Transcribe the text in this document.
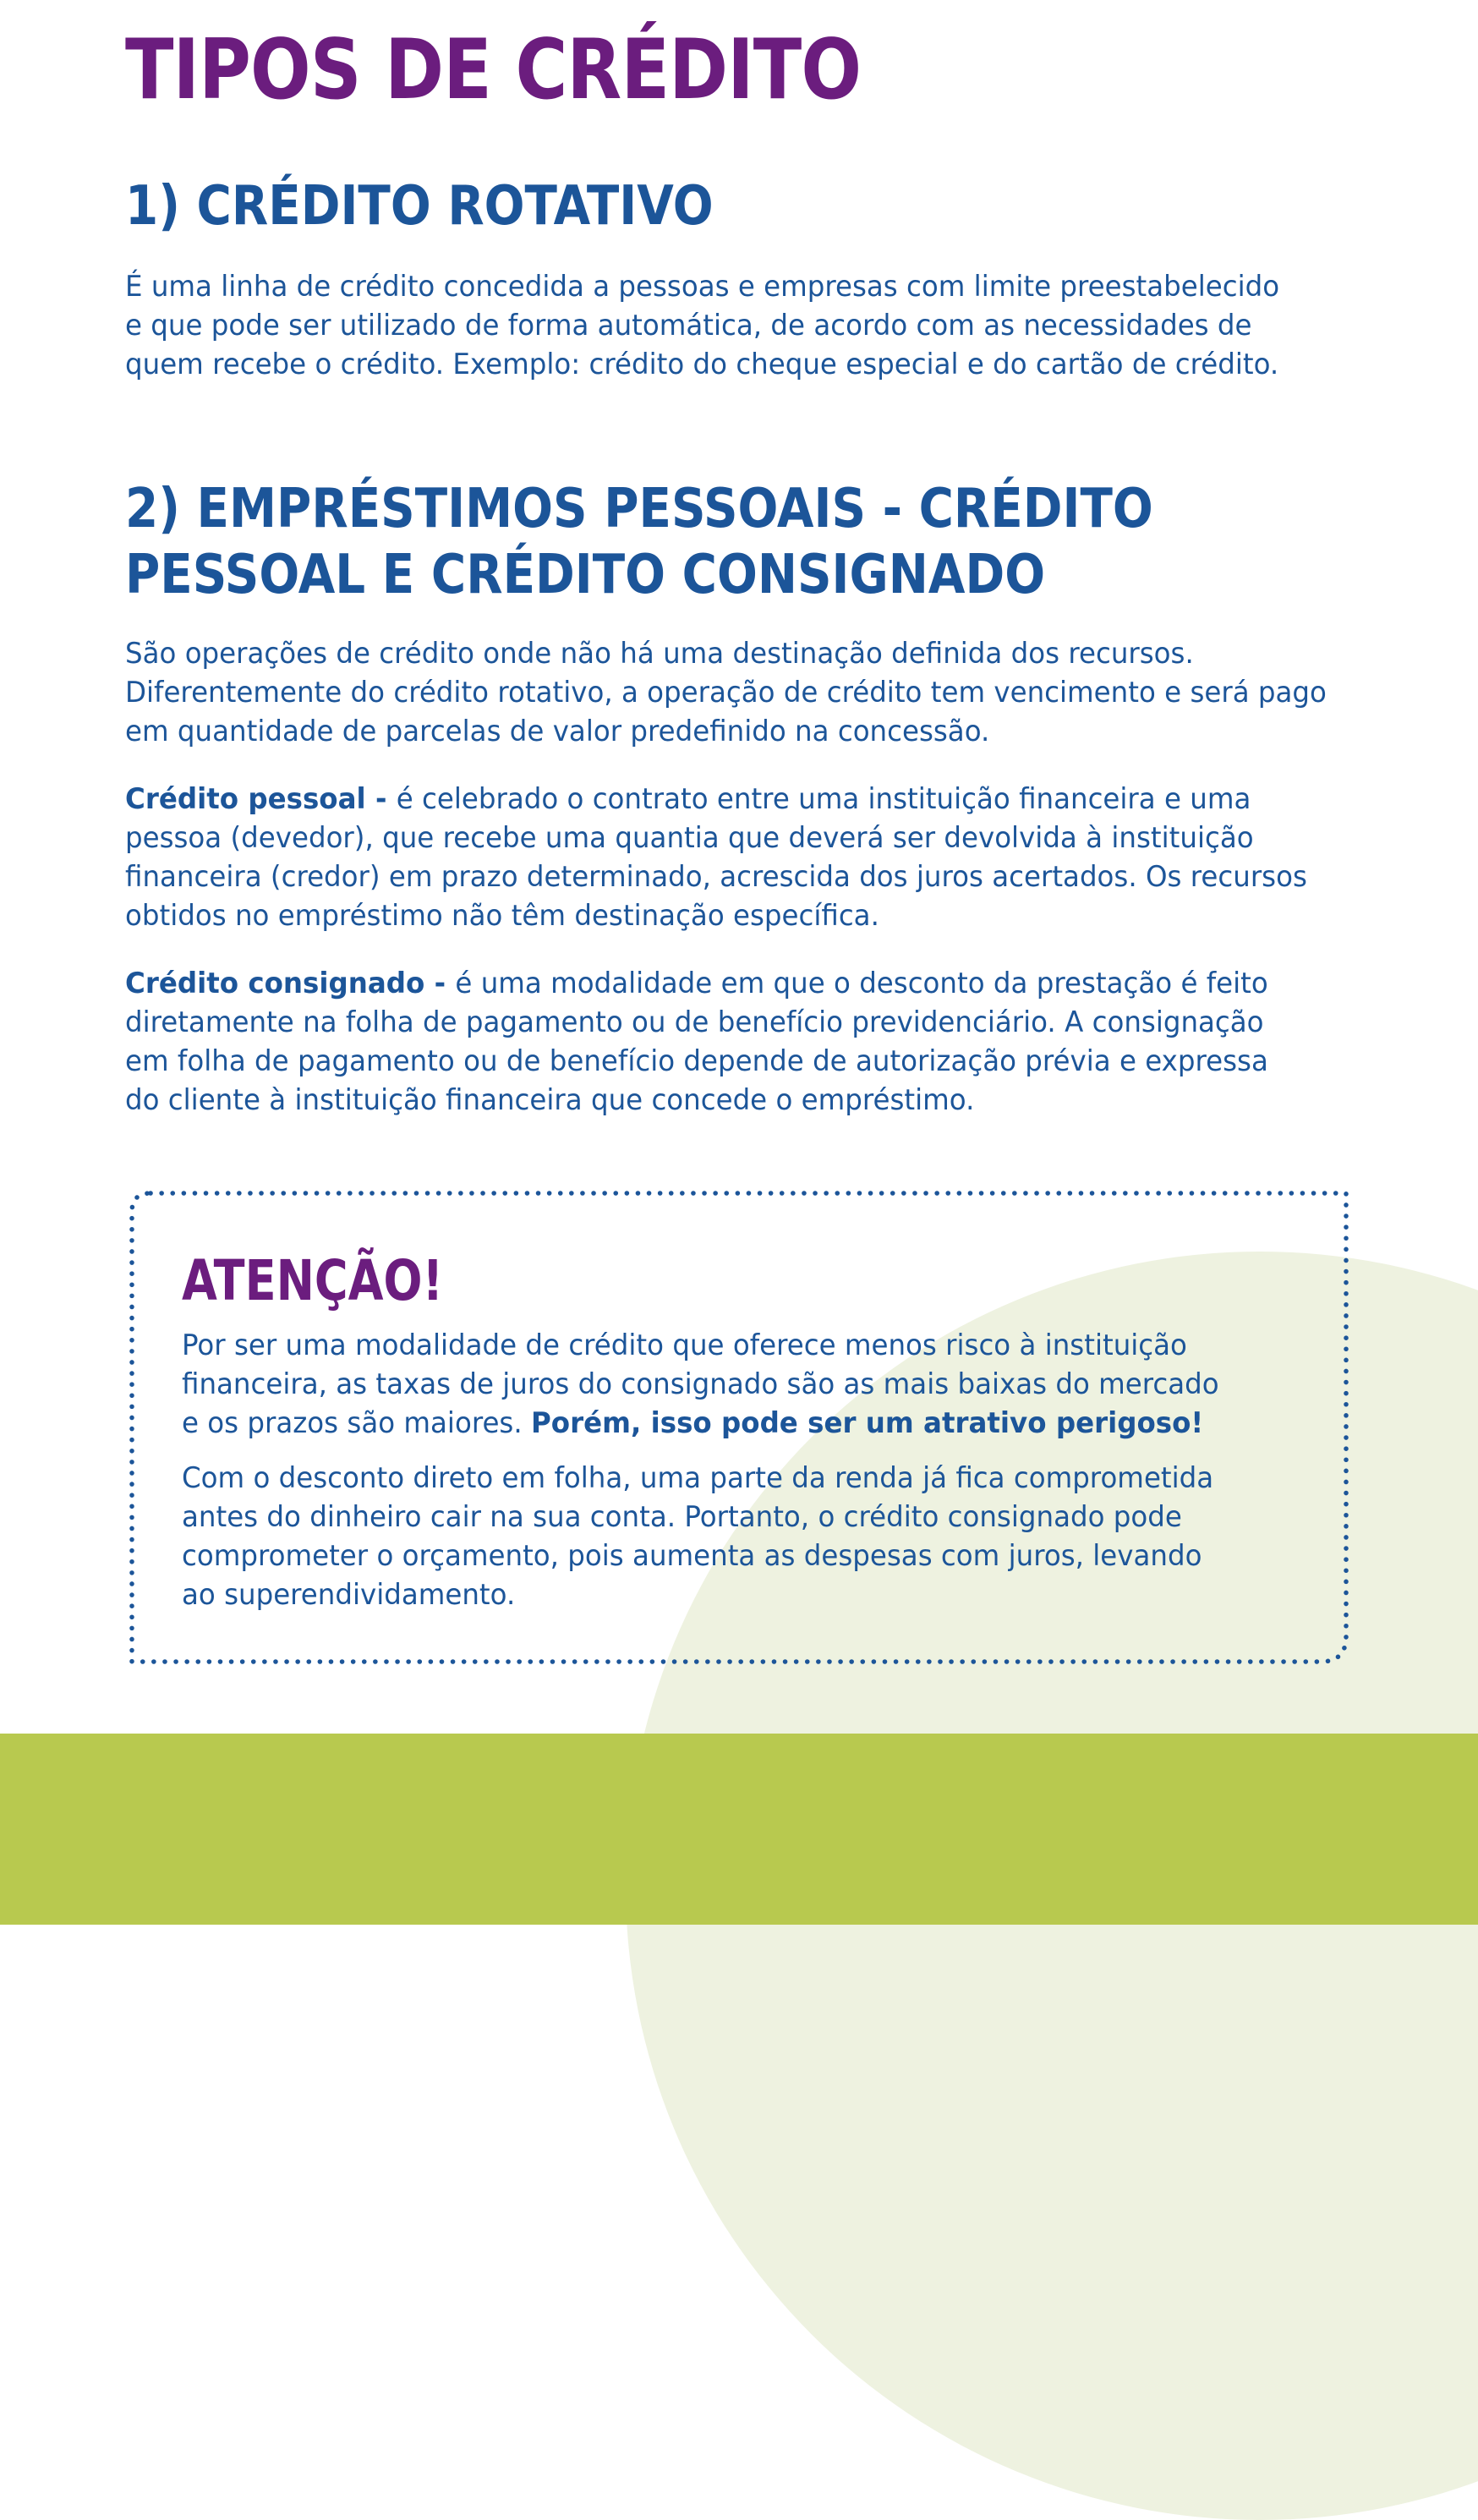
TIPOS DE CRÉDITO
1) CRÉDITO ROTATIVO

É uma linha de crédito concedida a pessoas e empresas com limite preestabelecido
e que pode ser utilizado de forma automática, de acordo com as necessidades de
quem recebe o crédito. Exemplo: crédito do cheque especial e do cartão de crédito.

2) EMPRÉSTIMOS PESSOAIS - CRÉDITO
PESSOAL E CRÉDITO CONSIGNADO

São operações de crédito onde não há uma destinação definida dos recursos.
Diferentemente do crédito rotativo, a operação de crédito tem vencimento e será pago
em quantidade de parcelas de valor predefinido na concessão.

Crédito pessoal - é celebrado o contrato entre uma instituição financeira e uma
pessoa (devedor), que recebe uma quantia que deverá ser devolvida à instituição
financeira (credor) em prazo determinado, acrescida dos juros acertados. Os recursos
obtidos no empréstimo não têm destinação específica.

Crédito consignado - é uma modalidade em que o desconto da prestação é feito
diretamente na folha de pagamento ou de benefício previdenciário. A consignação
em folha de pagamento ou de benefício depende de autorização prévia e expressa
do cliente à instituição financeira que concede o empréstimo.

ATENÇÃO!

Por ser uma modalidade de crédito que oferece menos risco à instituição
financeira, as taxas de juros do consignado são as mais baixas do mercado
e os prazos são maiores. Porém, isso pode ser um atrativo perigoso!

Com o desconto direto em folha, uma parte da renda já fica comprometida
antes do dinheiro cair na sua conta. Portanto, o crédito consignado pode
comprometer o orçamento, pois aumenta as despesas com juros, levando
ao superendividamento.
